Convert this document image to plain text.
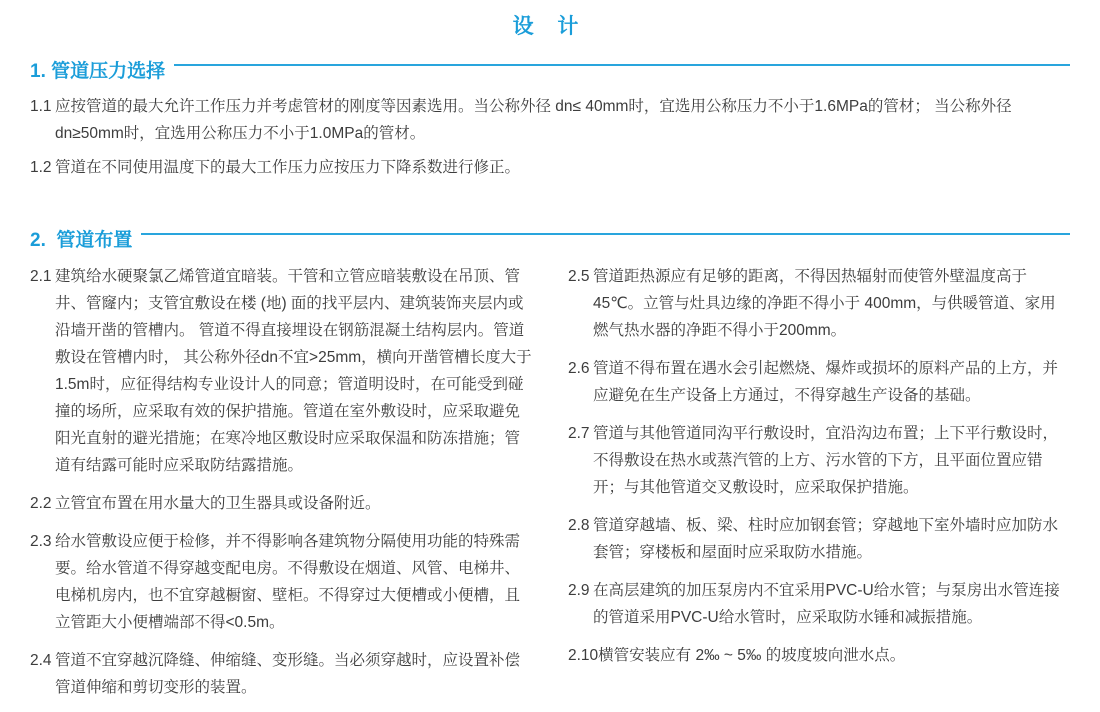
设 计
1. 管道压力选择

1.1 应按管道的最大允许工作压力并考虑管材的刚度等因素选用。当公称外径 dn≤ 40mm时，宜选用公称压力不小于1.6MPa的管材； 当公称外径 dn≥50mm时，宜选用公称压力不小于1.0MPa的管材。

1.2 管道在不同使用温度下的最大工作压力应按压力下降系数进行修正。

2.  管道布置

2.1 建筑给水硬聚氯乙烯管道宜暗装。干管和立管应暗装敷设在吊顶、管井、管窿内；支管宜敷设在楼 (地) 面的找平层内、建筑装饰夹层内或沿墙开凿的管槽内。 管道不得直接埋设在钢筋混凝土结构层内。管道敷设在管槽内时， 其公称外径dn不宜>25mm，横向开凿管槽长度大于1.5m时，应征得结构专业设计人的同意；管道明设时，在可能受到碰撞的场所，应采取有效的保护措施。管道在室外敷设时，应采取避免阳光直射的避光措施；在寒冷地区敷设时应采取保温和防冻措施；管道有结露可能时应采取防结露措施。

2.2 立管宜布置在用水量大的卫生器具或设备附近。

2.3 给水管敷设应便于检修，并不得影响各建筑物分隔使用功能的特殊需要。给水管道不得穿越变配电房。不得敷设在烟道、风管、电梯井、电梯机房内，也不宜穿越橱窗、壁柜。不得穿过大便槽或小便槽，且立管距大小便槽端部不得<0.5m。

2.4 管道不宜穿越沉降缝、伸缩缝、变形缝。当必须穿越时，应设置补偿管道伸缩和剪切变形的装置。

2.5 管道距热源应有足够的距离，不得因热辐射而使管外壁温度高于45℃。立管与灶具边缘的净距不得小于 400mm，与供暖管道、家用燃气热水器的净距不得小于200mm。

2.6 管道不得布置在遇水会引起燃烧、爆炸或损坏的原料产品的上方，并应避免在生产设备上方通过，不得穿越生产设备的基础。

2.7 管道与其他管道同沟平行敷设时，宜沿沟边布置；上下平行敷设时，不得敷设在热水或蒸汽管的上方、污水管的下方，且平面位置应错开；与其他管道交叉敷设时，应采取保护措施。

2.8 管道穿越墙、板、梁、柱时应加钢套管；穿越地下室外墙时应加防水套管；穿楼板和屋面时应采取防水措施。

2.9 在高层建筑的加压泵房内不宜采用PVC-U给水管；与泵房出水管连接的管道采用PVC-U给水管时，应采取防水锤和减振措施。

2.10 横管安装应有 2‰ ~ 5‰ 的坡度坡向泄水点。
